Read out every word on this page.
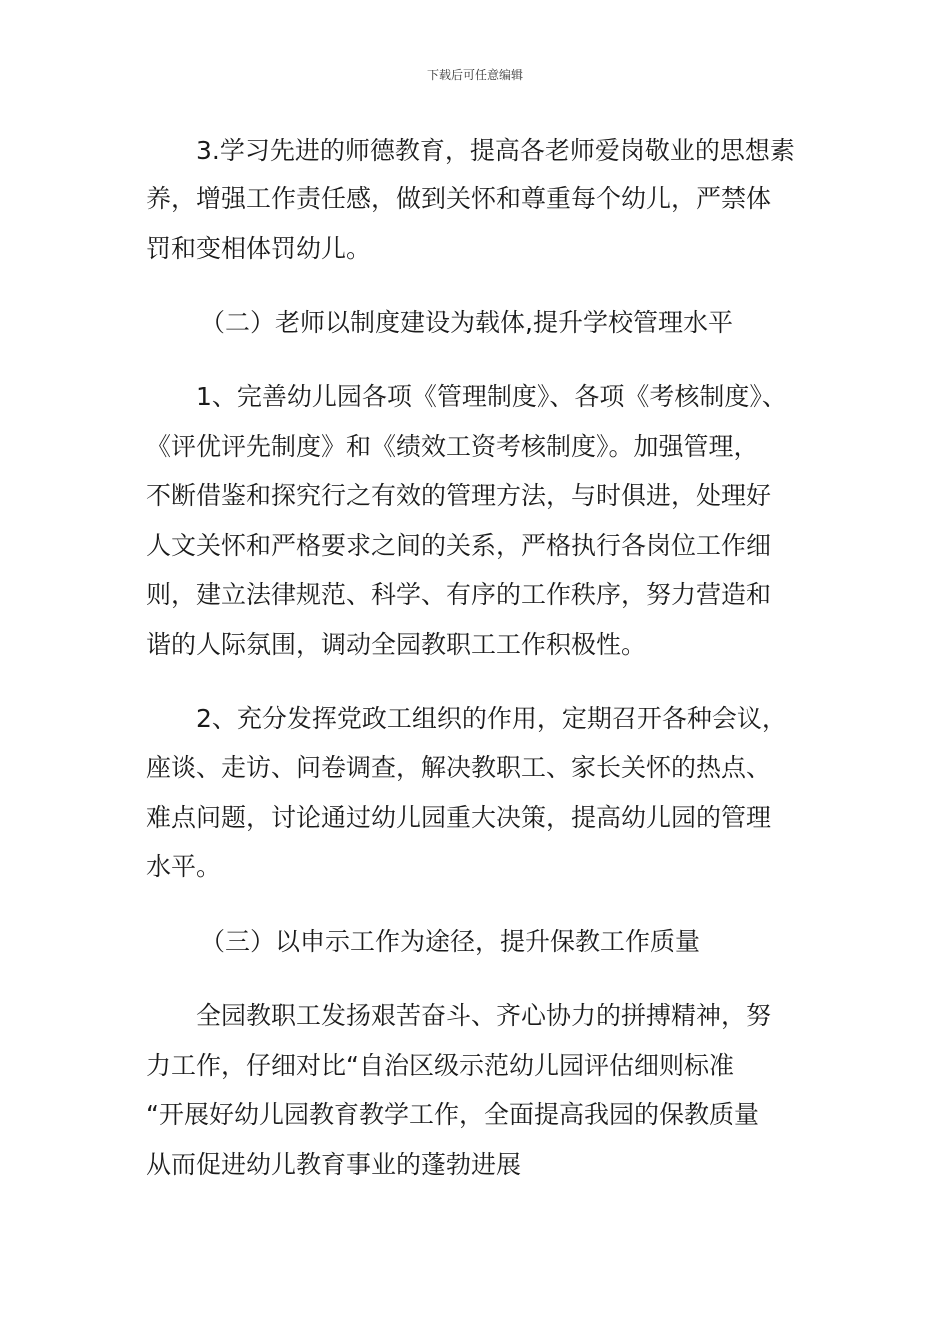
下载后可任意编辑
3.学习先进的师德教育，提高各老师爱岗敬业的思想素
养，增强工作责任感，做到关怀和尊重每个幼儿，严禁体
罚和变相体罚幼儿。
（二）老师以制度建设为载体,提升学校管理水平
1、完善幼儿园各项《管理制度》、各项《考核制度》、
《评优评先制度》和《绩效工资考核制度》。加强管理，
不断借鉴和探究行之有效的管理方法，与时俱进，处理好
人文关怀和严格要求之间的关系，严格执行各岗位工作细
则，建立法律规范、科学、有序的工作秩序，努力营造和
谐的人际氛围，调动全园教职工工作积极性。
2、充分发挥党政工组织的作用，定期召开各种会议，
座谈、走访、问卷调查，解决教职工、家长关怀的热点、
难点问题，讨论通过幼儿园重大决策，提高幼儿园的管理
水平。
（三）以申示工作为途径，提升保教工作质量
全园教职工发扬艰苦奋斗、齐心协力的拼搏精神，努
力工作，仔细对比“自治区级示范幼儿园评估细则标准
“开展好幼儿园教育教学工作，全面提高我园的保教质量
从而促进幼儿教育事业的蓬勃进展
